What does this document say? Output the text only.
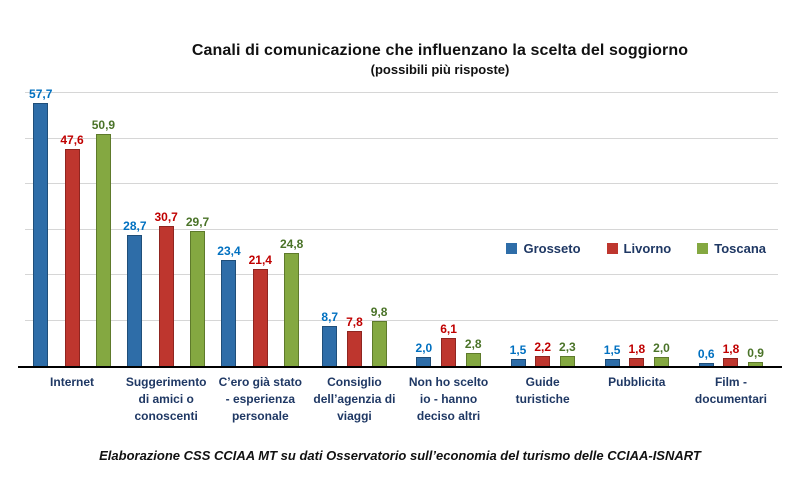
Canali di comunicazione che influenzano la scelta del soggiorno
(possibili più risposte)
57,7
47,6
50,9
28,7
30,7 29,7
23,4
21,4
24,8
8,7 7,8
9,8
2,0
6,1
2,8 1,5 2,2 2,3 1,5 1,8 2,0 0,6 1,8 0,9
Grosseto	Livorno	Toscana
Internet	Suggerimento di amici o conoscenti
C’ero già stato - esperienza personale
Consiglio dell’agenzia di viaggi
Non ho scelto io - hanno deciso altri
Guide turistiche
Pubblicita	Film - documentari
Elaborazione CSS CCIAA MT su dati Osservatorio sull’economia del turismo delle CCIAA-ISNART
